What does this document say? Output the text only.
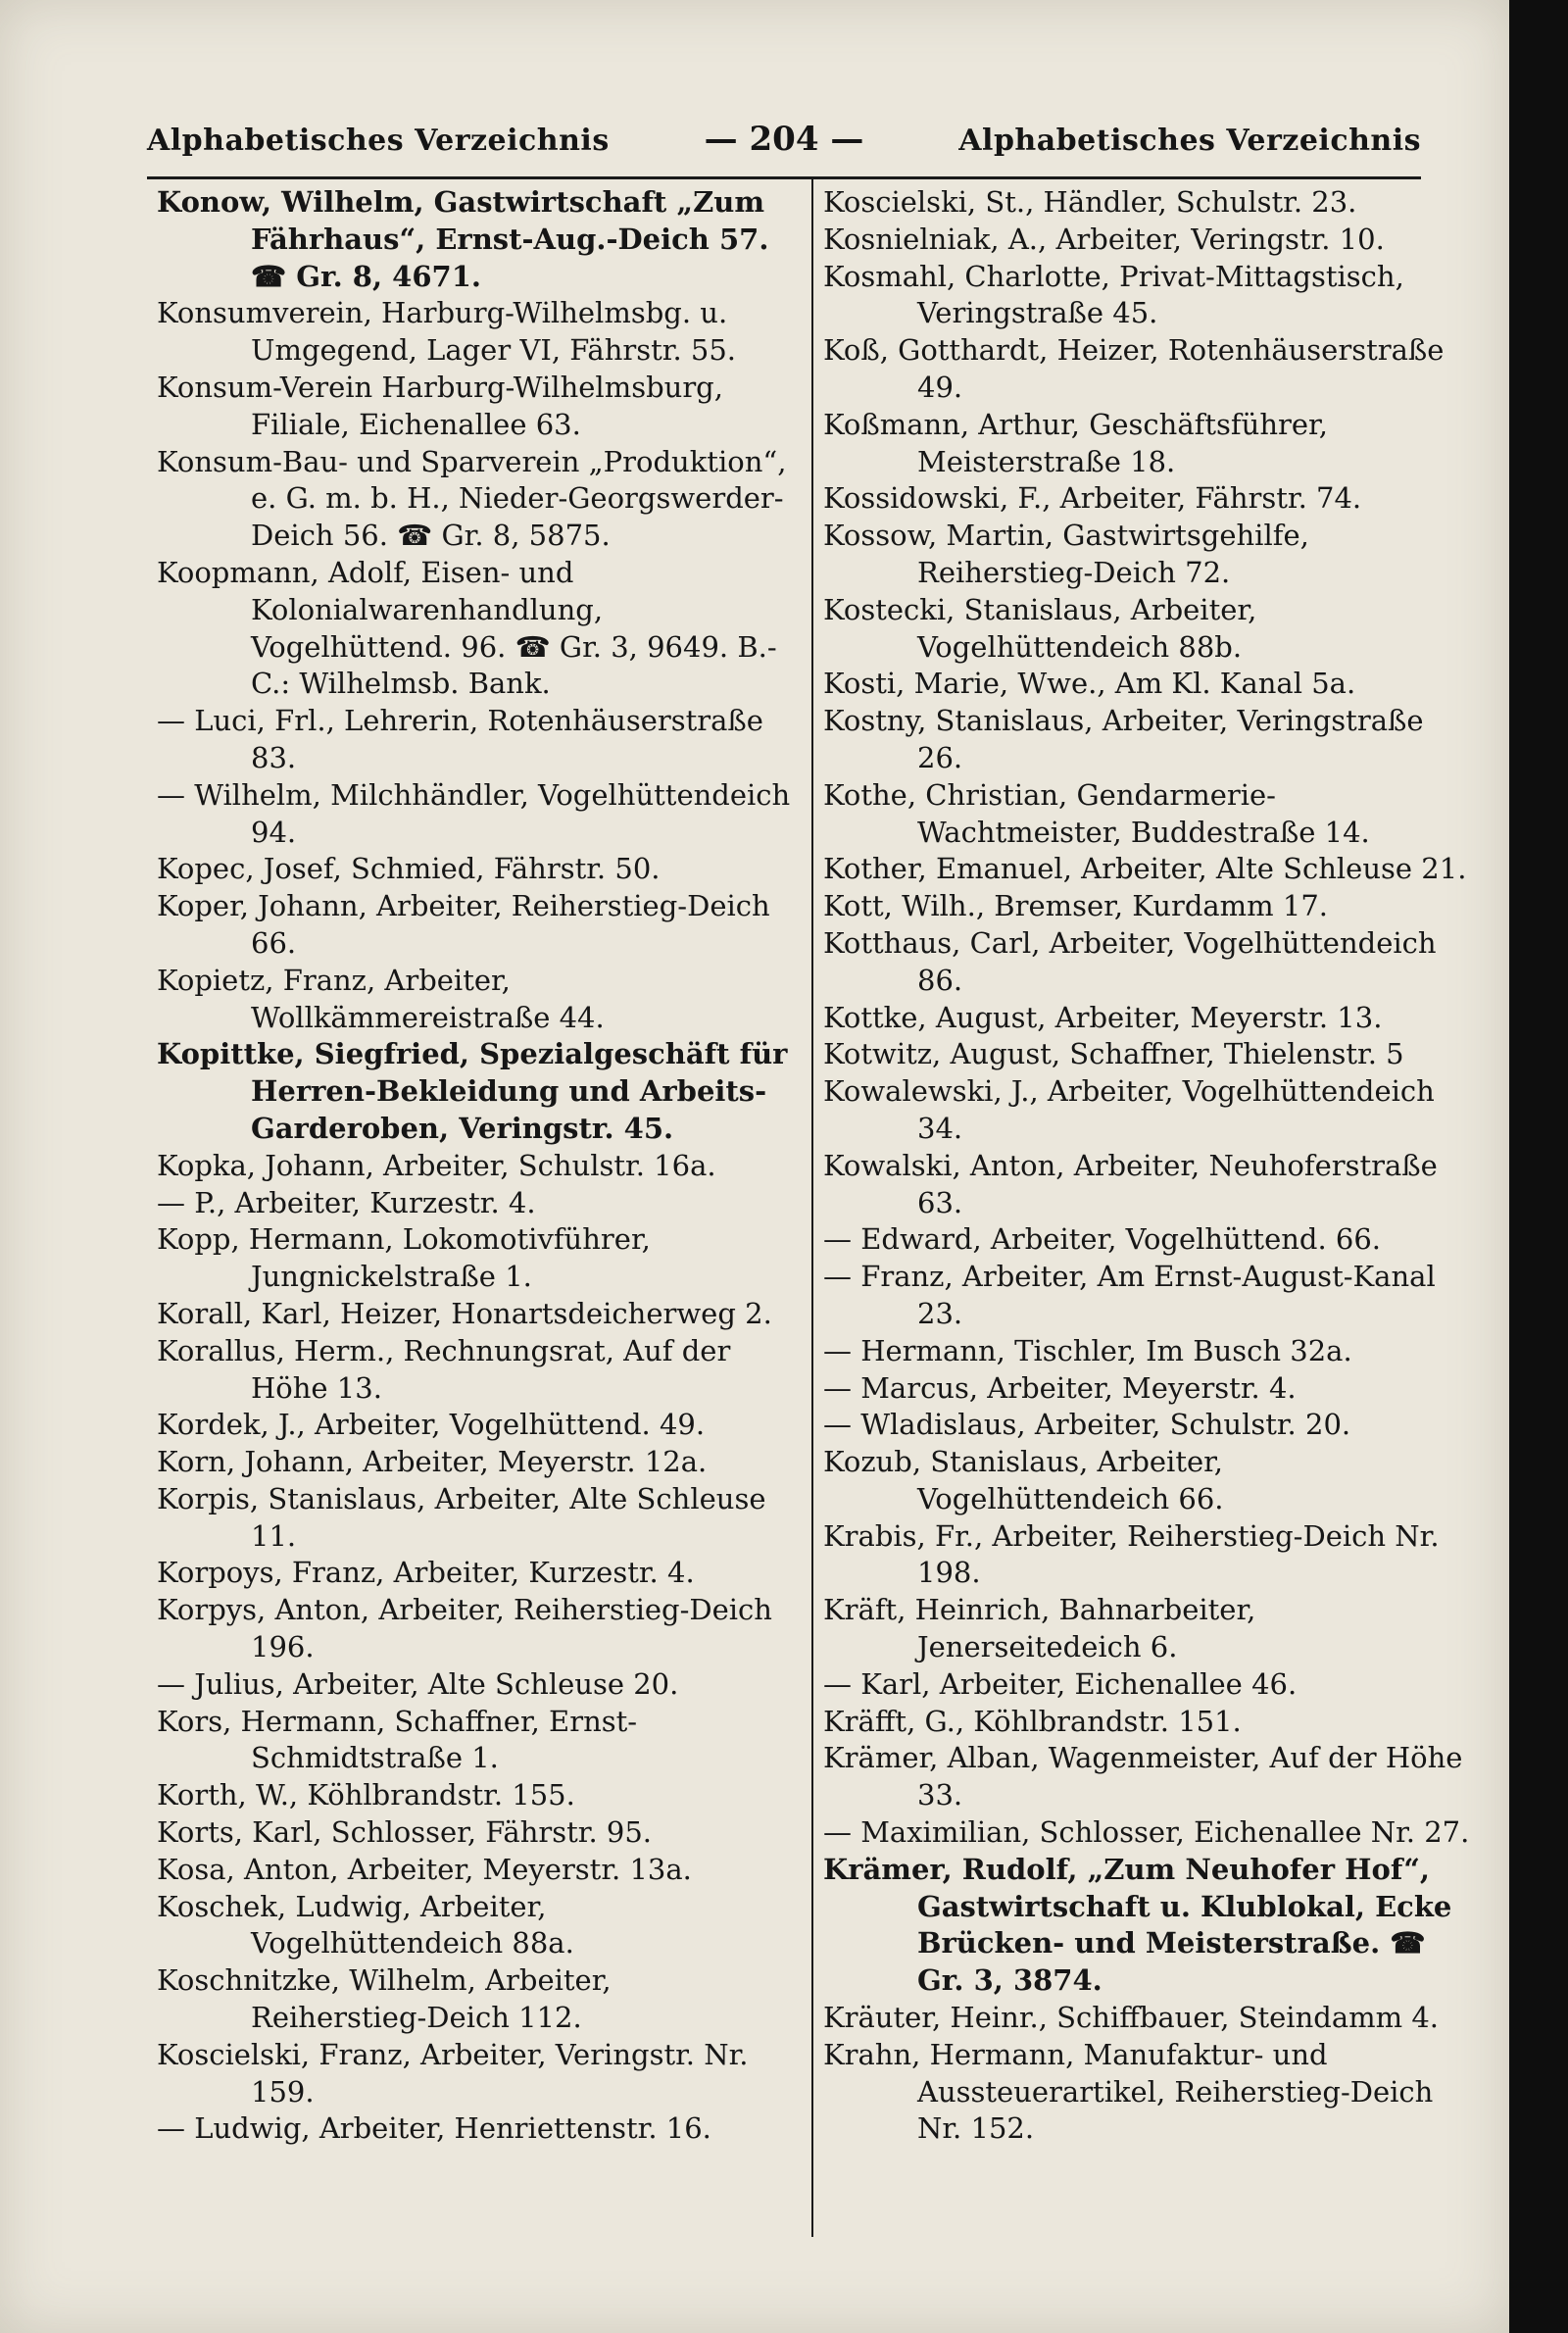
Alphabetisches Verzeichnis	— 204 —	Alphabetisches Verzeichnis

Konow, Wilhelm, Gastwirtschaft „Zum Fährhaus“, Ernst-Aug.-Deich 57. ☎ Gr. 8, 4671.

Konsumverein, Harburg-Wilhelmsbg. u. Umgegend, Lager VI, Fährstr. 55.

Konsum-Verein Harburg-Wilhelmsburg, Filiale, Eichenallee 63.

Konsum-Bau- und Sparverein „Produktion“, e. G. m. b. H., Nieder-Georgswerder-Deich 56. ☎ Gr. 8, 5875.

Koopmann, Adolf, Eisen- und Kolonialwarenhandlung, Vogelhüttend. 96. ☎ Gr. 3, 9649. B.-C.: Wilhelmsb. Bank.

— Luci, Frl., Lehrerin, Rotenhäuserstraße 83.

— Wilhelm, Milchhändler, Vogelhüttendeich 94.

Kopec, Josef, Schmied, Fährstr. 50.

Koper, Johann, Arbeiter, Reiherstieg-Deich 66.

Kopietz, Franz, Arbeiter, Wollkämmereistraße 44.

Kopittke, Siegfried, Spezialgeschäft für Herren-Bekleidung und Arbeits-Garderoben, Veringstr. 45.

Kopka, Johann, Arbeiter, Schulstr. 16a.

— P., Arbeiter, Kurzestr. 4.

Kopp, Hermann, Lokomotivführer, Jungnickelstraße 1.

Korall, Karl, Heizer, Honartsdeicherweg 2.

Korallus, Herm., Rechnungsrat, Auf der Höhe 13.

Kordek, J., Arbeiter, Vogelhüttend. 49.

Korn, Johann, Arbeiter, Meyerstr. 12a.

Korpis, Stanislaus, Arbeiter, Alte Schleuse 11.

Korpoys, Franz, Arbeiter, Kurzestr. 4.

Korpys, Anton, Arbeiter, Reiherstieg-Deich 196.

— Julius, Arbeiter, Alte Schleuse 20.

Kors, Hermann, Schaffner, Ernst-Schmidtstraße 1.

Korth, W., Köhlbrandstr. 155.

Korts, Karl, Schlosser, Fährstr. 95.

Kosa, Anton, Arbeiter, Meyerstr. 13a.

Koschek, Ludwig, Arbeiter, Vogelhüttendeich 88a.

Koschnitzke, Wilhelm, Arbeiter, Reiherstieg-Deich 112.

Koscielski, Franz, Arbeiter, Veringstr. Nr. 159.

— Ludwig, Arbeiter, Henriettenstr. 16.

Koscielski, St., Händler, Schulstr. 23.

Kosnielniak, A., Arbeiter, Veringstr. 10.

Kosmahl, Charlotte, Privat-Mittagstisch, Veringstraße 45.

Koß, Gotthardt, Heizer, Rotenhäuserstraße 49.

Koßmann, Arthur, Geschäftsführer, Meisterstraße 18.

Kossidowski, F., Arbeiter, Fährstr. 74.

Kossow, Martin, Gastwirtsgehilfe, Reiherstieg-Deich 72.

Kostecki, Stanislaus, Arbeiter, Vogelhüttendeich 88b.

Kosti, Marie, Wwe., Am Kl. Kanal 5a.

Kostny, Stanislaus, Arbeiter, Veringstraße 26.

Kothe, Christian, Gendarmerie-Wachtmeister, Buddestraße 14.

Kother, Emanuel, Arbeiter, Alte Schleuse 21.

Kott, Wilh., Bremser, Kurdamm 17.

Kotthaus, Carl, Arbeiter, Vogelhüttendeich 86.

Kottke, August, Arbeiter, Meyerstr. 13.

Kotwitz, August, Schaffner, Thielenstr. 5

Kowalewski, J., Arbeiter, Vogelhüttendeich 34.

Kowalski, Anton, Arbeiter, Neuhoferstraße 63.

— Edward, Arbeiter, Vogelhüttend. 66.

— Franz, Arbeiter, Am Ernst-August-Kanal 23.

— Hermann, Tischler, Im Busch 32a.

— Marcus, Arbeiter, Meyerstr. 4.

— Wladislaus, Arbeiter, Schulstr. 20.

Kozub, Stanislaus, Arbeiter, Vogelhüttendeich 66.

Krabis, Fr., Arbeiter, Reiherstieg-Deich Nr. 198.

Kräft, Heinrich, Bahnarbeiter, Jenerseitedeich 6.

— Karl, Arbeiter, Eichenallee 46.

Kräfft, G., Köhlbrandstr. 151.

Krämer, Alban, Wagenmeister, Auf der Höhe 33.

— Maximilian, Schlosser, Eichenallee Nr. 27.

Krämer, Rudolf, „Zum Neuhofer Hof“, Gastwirtschaft u. Klublokal, Ecke Brücken- und Meisterstraße. ☎ Gr. 3, 3874.

Kräuter, Heinr., Schiffbauer, Steindamm 4.

Krahn, Hermann, Manufaktur- und Aussteuerartikel, Reiherstieg-Deich Nr. 152.
